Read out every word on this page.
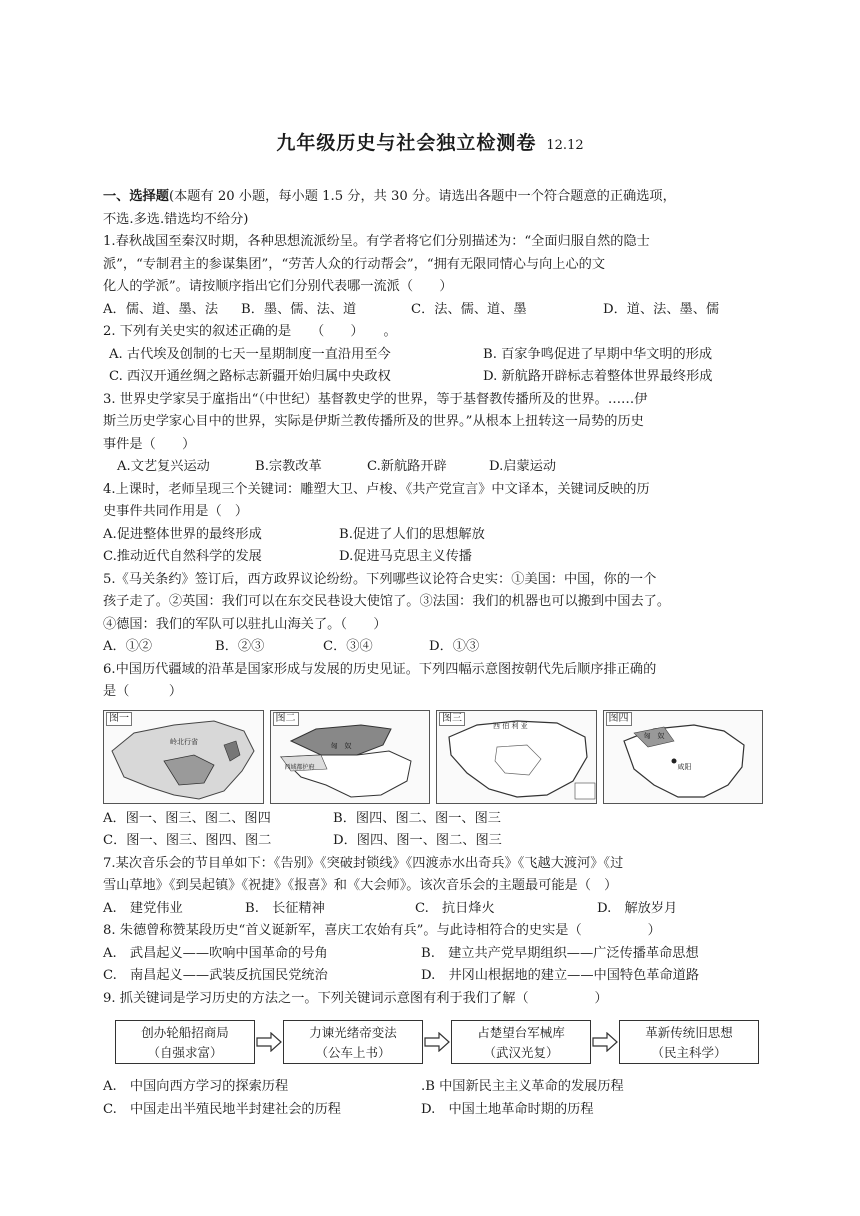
九年级历史与社会独立检测卷 12.12
一、选择题(本题有 20 小题，每小题 1.5 分，共 30 分。请选出各题中一个符合题意的正确选项，
不选.多选.错选均不给分)
1.春秋战国至秦汉时期，各种思想流派纷呈。有学者将它们分别描述为：“全面归服自然的隐士
派”，“专制君主的参谋集团”，“劳苦人众的行动帮会”，“拥有无限同情心与向上心的文
化人的学派”。请按顺序指出它们分别代表哪一流派（　　）
A．儒、道、墨、法	B．墨、儒、法、道	C．法、儒、道、墨	D．道、法、墨、儒
2. 下列有关史实的叙述正确的是　　（　　）　　。
A. 古代埃及创制的七天一星期制度一直沿用至今	B. 百家争鸣促进了早期中华文明的形成
C. 西汉开通丝绸之路标志新疆开始归属中央政权	D. 新航路开辟标志着整体世界最终形成
3. 世界史学家吴于廑指出“（中世纪）基督教史学的世界，等于基督教传播所及的世界。……伊
斯兰历史学家心目中的世界，实际是伊斯兰教传播所及的世界。”从根本上扭转这一局势的历史
事件是（　　）
A.文艺复兴运动	B.宗教改革	C.新航路开辟	D.启蒙运动
4.上课时，老师呈现三个关键词：雕塑大卫、卢梭、《共产党宣言》中文译本，关键词反映的历
史事件共同作用是（　）
A.促进整体世界的最终形成	B.促进了人们的思想解放
C.推动近代自然科学的发展	D.促进马克思主义传播
5.《马关条约》签订后，西方政界议论纷纷。下列哪些议论符合史实：①美国：中国，你的一个
孩子走了。②英国：我们可以在东交民巷设大使馆了。③法国：我们的机器也可以搬到中国去了。
④德国：我们的军队可以驻扎山海关了。（　　）
A．①②	B．②③	C．③④	D．①③
6.中国历代疆域的沿革是国家形成与发展的历史见证。下列四幅示意图按朝代先后顺序排正确的
是（　　　）
图一
岭北行省
图二
匈　奴
西域都护府
图三
西 伯 利 亚
图四
匈　奴
咸阳
A．图一、图三、图二、图四	B．图四、图二、图一、图三
C．图一、图三、图四、图二	D．图四、图一、图二、图三
7.某次音乐会的节目单如下：《告别》《突破封锁线》《四渡赤水出奇兵》《飞越大渡河》《过
雪山草地》《到吴起镇》《祝捷》《报喜》和《大会师》。该次音乐会的主题最可能是（　）
A.　建党伟业	B.　长征精神	C.　抗日烽火	D.　解放岁月
8. 朱德曾称赞某段历史“首义诞新军，喜庆工农始有兵”。与此诗相符合的史实是（　　　　　）
A.　武昌起义——吹响中国革命的号角	B.　建立共产党早期组织——广泛传播革命思想
C.　南昌起义——武装反抗国民党统治	D.　井冈山根据地的建立——中国特色革命道路
9. 抓关键词是学习历史的方法之一。下列关键词示意图有利于我们了解（　　　　　）
创办轮船招商局
（自强求富）
力谏光绪帝变法
（公车上书）
占楚望台军械库
（武汉光复）
革新传统旧思想
（民主科学）
A.　中国向西方学习的探索历程	.B 中国新民主主义革命的发展历程
C.　中国走出半殖民地半封建社会的历程	D.　中国土地革命时期的历程
